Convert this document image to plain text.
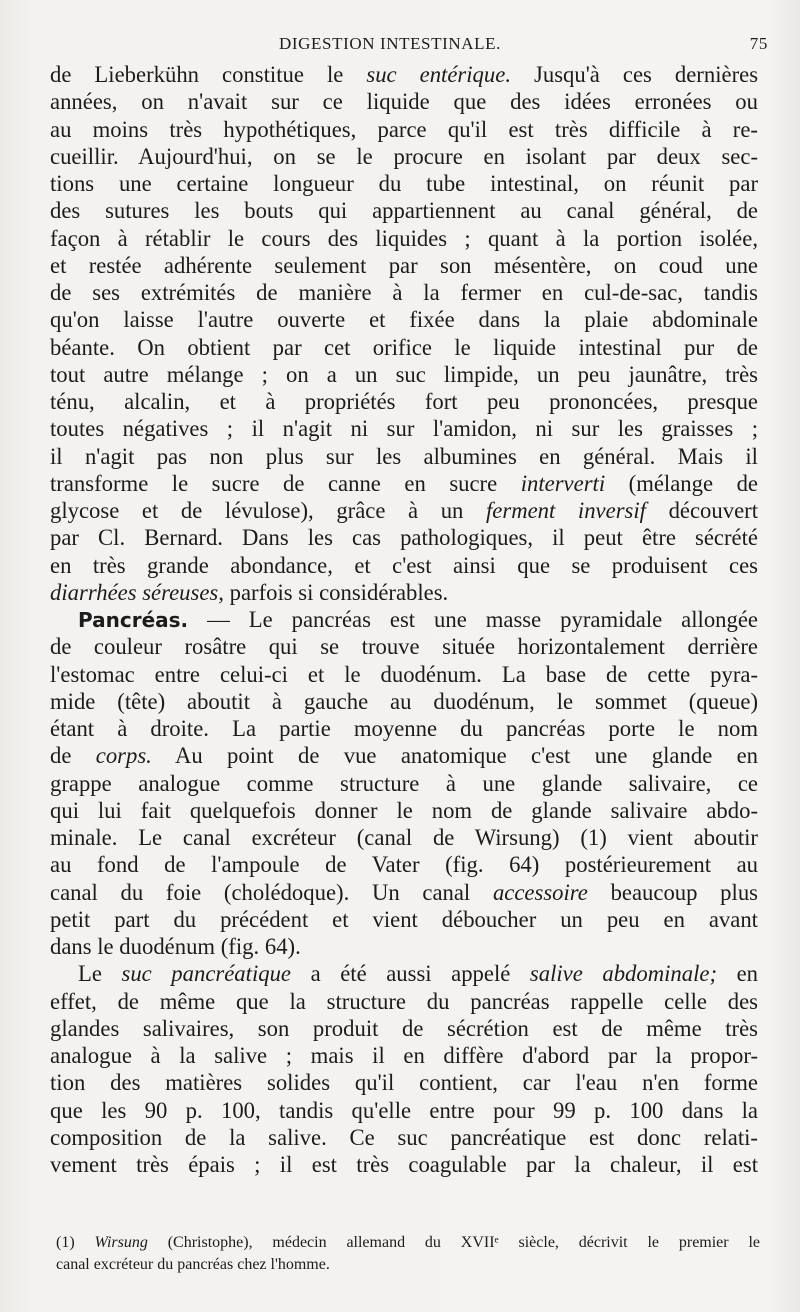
DIGESTION INTESTINALE.	75
de Lieberkühn constitue le suc entérique. Jusqu'à ces dernières
années, on n'avait sur ce liquide que des idées erronées ou
au moins très hypothétiques, parce qu'il est très difficile à re-
cueillir. Aujourd'hui, on se le procure en isolant par deux sec-
tions une certaine longueur du tube intestinal, on réunit par
des sutures les bouts qui appartiennent au canal général, de
façon à rétablir le cours des liquides ; quant à la portion isolée,
et restée adhérente seulement par son mésentère, on coud une
de ses extrémités de manière à la fermer en cul-de-sac, tandis
qu'on laisse l'autre ouverte et fixée dans la plaie abdominale
béante. On obtient par cet orifice le liquide intestinal pur de
tout autre mélange ; on a un suc limpide, un peu jaunâtre, très
ténu, alcalin, et à propriétés fort peu prononcées, presque
toutes négatives ; il n'agit ni sur l'amidon, ni sur les graisses ;
il n'agit pas non plus sur les albumines en général. Mais il
transforme le sucre de canne en sucre interverti (mélange de
glycose et de lévulose), grâce à un ferment inversif découvert
par Cl. Bernard. Dans les cas pathologiques, il peut être sécrété
en très grande abondance, et c'est ainsi que se produisent ces
diarrhées séreuses, parfois si considérables.
Pancréas. — Le pancréas est une masse pyramidale allongée
de couleur rosâtre qui se trouve située horizontalement derrière
l'estomac entre celui-ci et le duodénum. La base de cette pyra-
mide (tête) aboutit à gauche au duodénum, le sommet (queue)
étant à droite. La partie moyenne du pancréas porte le nom
de corps. Au point de vue anatomique c'est une glande en
grappe analogue comme structure à une glande salivaire, ce
qui lui fait quelquefois donner le nom de glande salivaire abdo-
minale. Le canal excréteur (canal de Wirsung) (1) vient aboutir
au fond de l'ampoule de Vater (fig. 64) postérieurement au
canal du foie (cholédoque). Un canal accessoire beaucoup plus
petit part du précédent et vient déboucher un peu en avant
dans le duodénum (fig. 64).
Le suc pancréatique a été aussi appelé salive abdominale; en
effet, de même que la structure du pancréas rappelle celle des
glandes salivaires, son produit de sécrétion est de même très
analogue à la salive ; mais il en diffère d'abord par la propor-
tion des matières solides qu'il contient, car l'eau n'en forme
que les 90 p. 100, tandis qu'elle entre pour 99 p. 100 dans la
composition de la salive. Ce suc pancréatique est donc relati-
vement très épais ; il est très coagulable par la chaleur, il est
(1) Wirsung (Christophe), médecin allemand du XVIIᵉ siècle, décrivit le premier le
canal excréteur du pancréas chez l'homme.
